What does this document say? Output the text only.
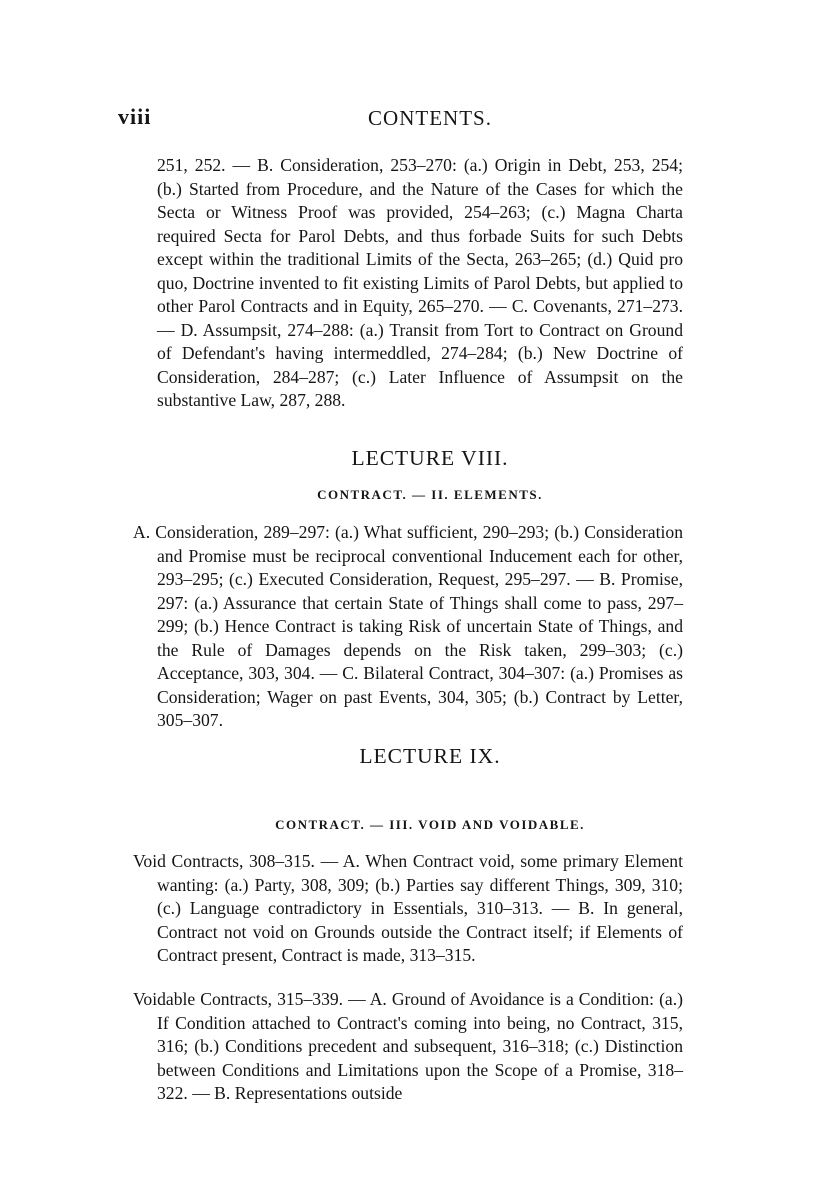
viii	CONTENTS.
251, 252. — B. Consideration, 253–270: (a.) Origin in Debt, 253, 254; (b.) Started from Procedure, and the Nature of the Cases for which the Secta or Witness Proof was provided, 254–263; (c.) Magna Charta required Secta for Parol Debts, and thus forbade Suits for such Debts except within the traditional Limits of the Secta, 263–265; (d.) Quid pro quo, Doctrine invented to fit existing Limits of Parol Debts, but applied to other Parol Contracts and in Equity, 265–270. — C. Covenants, 271–273. — D. Assumpsit, 274–288: (a.) Transit from Tort to Contract on Ground of Defendant's having intermeddled, 274–284; (b.) New Doctrine of Consideration, 284–287; (c.) Later Influence of Assumpsit on the substantive Law, 287, 288.
LECTURE VIII.
CONTRACT. — II. ELEMENTS.
A. Consideration, 289–297: (a.) What sufficient, 290–293; (b.) Consideration and Promise must be reciprocal conventional Inducement each for other, 293–295; (c.) Executed Consideration, Request, 295–297. — B. Promise, 297: (a.) Assurance that certain State of Things shall come to pass, 297–299; (b.) Hence Contract is taking Risk of uncertain State of Things, and the Rule of Damages depends on the Risk taken, 299–303; (c.) Acceptance, 303, 304. — C. Bilateral Contract, 304–307: (a.) Promises as Consideration; Wager on past Events, 304, 305; (b.) Contract by Letter, 305–307.
LECTURE IX.
CONTRACT. — III. VOID AND VOIDABLE.
Void Contracts, 308–315. — A. When Contract void, some primary Element wanting: (a.) Party, 308, 309; (b.) Parties say different Things, 309, 310; (c.) Language contradictory in Essentials, 310–313. — B. In general, Contract not void on Grounds outside the Contract itself; if Elements of Contract present, Contract is made, 313–315.
Voidable Contracts, 315–339. — A. Ground of Avoidance is a Condition: (a.) If Condition attached to Contract's coming into being, no Contract, 315, 316; (b.) Conditions precedent and subsequent, 316–318; (c.) Distinction between Conditions and Limitations upon the Scope of a Promise, 318–322. — B. Representations outside
